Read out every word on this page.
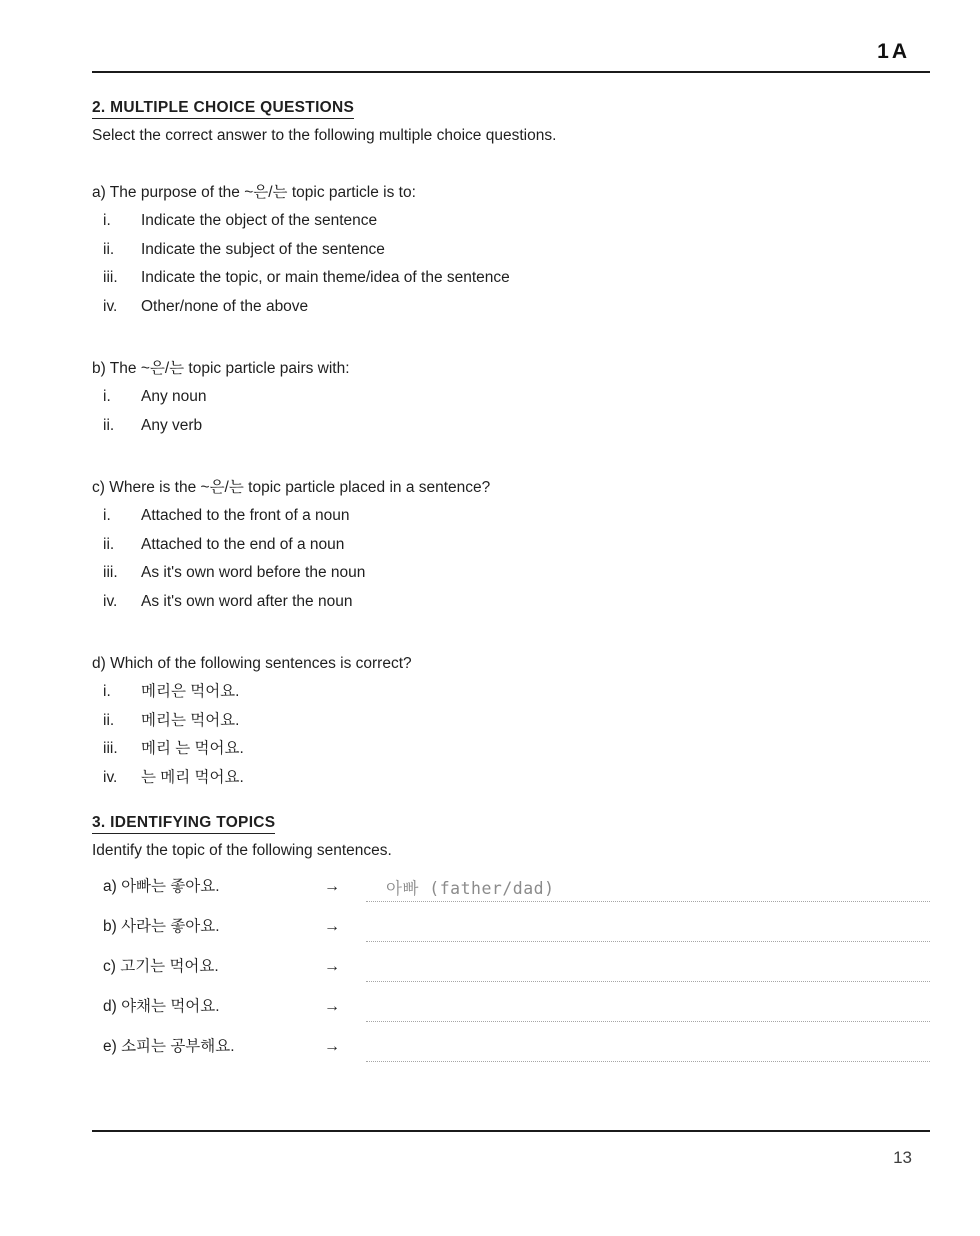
1A
2. MULTIPLE CHOICE QUESTIONS

Select the correct answer to the following multiple choice questions.

a) The purpose of the ~은/는 topic particle is to:

i.	Indicate the object of the sentence
ii.	Indicate the subject of the sentence
iii.	Indicate the topic, or main theme/idea of the sentence
iv.	Other/none of the above

b) The ~은/는 topic particle pairs with:

i.	Any noun
ii.	Any verb

c) Where is the ~은/는 topic particle placed in a sentence?

i.	Attached to the front of a noun
ii.	Attached to the end of a noun
iii.	As it's own word before the noun
iv.	As it's own word after the noun

d) Which of the following sentences is correct?

i.	메리은 먹어요.
ii.	메리는 먹어요.
iii.	메리 는 먹어요.
iv.	는 메리 먹어요.
3. IDENTIFYING TOPICS

Identify the topic of the following sentences.

a) 아빠는 좋아요.	→	아빠 (father/dad)
b) 사라는 좋아요.	→
c) 고기는 먹어요.	→
d) 야채는 먹어요.	→
e) 소피는 공부해요.	→
13
